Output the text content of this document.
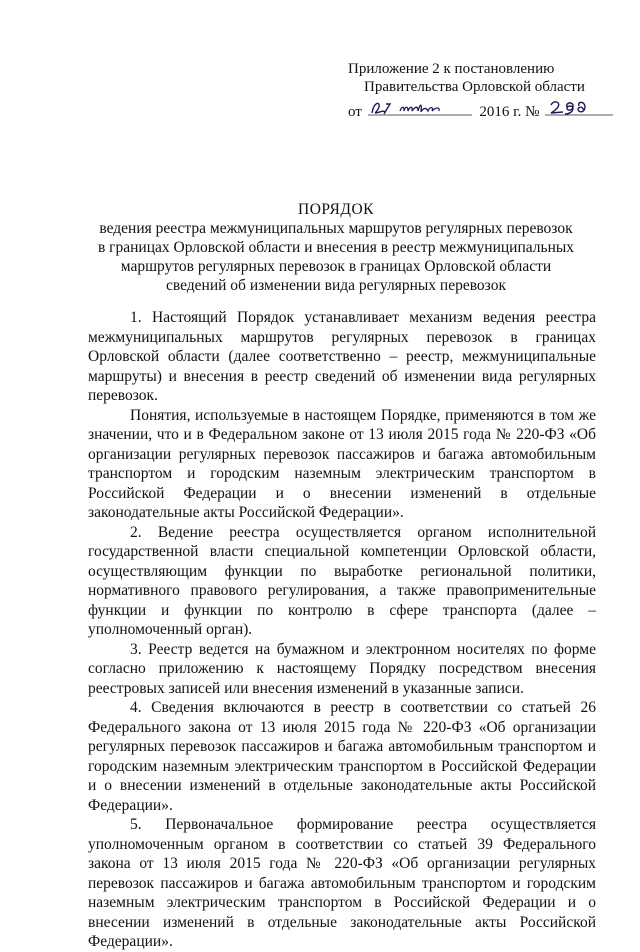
Приложение 2 к постановлению
Правительства Орловской области
от	2016 г. №
ПОРЯДОК
ведения реестра межмуниципальных маршрутов регулярных перевозок в границах Орловской области и внесения в реестр межмуниципальных маршрутов регулярных перевозок в границах Орловской области сведений об изменении вида регулярных перевозок

1. Настоящий Порядок устанавливает механизм ведения реестра межмуниципальных маршрутов регулярных перевозок в границах Орловской области (далее соответственно – реестр, межмуниципальные маршруты) и внесения в реестр сведений об изменении вида регулярных перевозок.

Понятия, используемые в настоящем Порядке, применяются в том же значении, что и в Федеральном законе от 13 июля 2015 года № 220-ФЗ «Об организации регулярных перевозок пассажиров и багажа автомобильным транспортом и городским наземным электрическим транспортом в Российской Федерации и о внесении изменений в отдельные законодательные акты Российской Федерации».

2. Ведение реестра осуществляется органом исполнительной государственной власти специальной компетенции Орловской области, осуществляющим функции по выработке региональной политики, нормативного правового регулирования, а также правоприменительные функции и функции по контролю в сфере транспорта (далее – уполномоченный орган).

3. Реестр ведется на бумажном и электронном носителях по форме согласно приложению к настоящему Порядку посредством внесения реестровых записей или внесения изменений в указанные записи.

4. Сведения включаются в реестр в соответствии со статьей 26 Федерального закона от 13 июля 2015 года № 220-ФЗ «Об организации регулярных перевозок пассажиров и багажа автомобильным транспортом и городским наземным электрическим транспортом в Российской Федерации и о внесении изменений в отдельные законодательные акты Российской Федерации».

5. Первоначальное формирование реестра осуществляется уполномоченным органом в соответствии со статьей 39 Федерального закона от 13 июля 2015 года № 220-ФЗ «Об организации регулярных перевозок пассажиров и багажа автомобильным транспортом и городским наземным электрическим транспортом в Российской Федерации и о внесении изменений в отдельные законодательные акты Российской Федерации».
